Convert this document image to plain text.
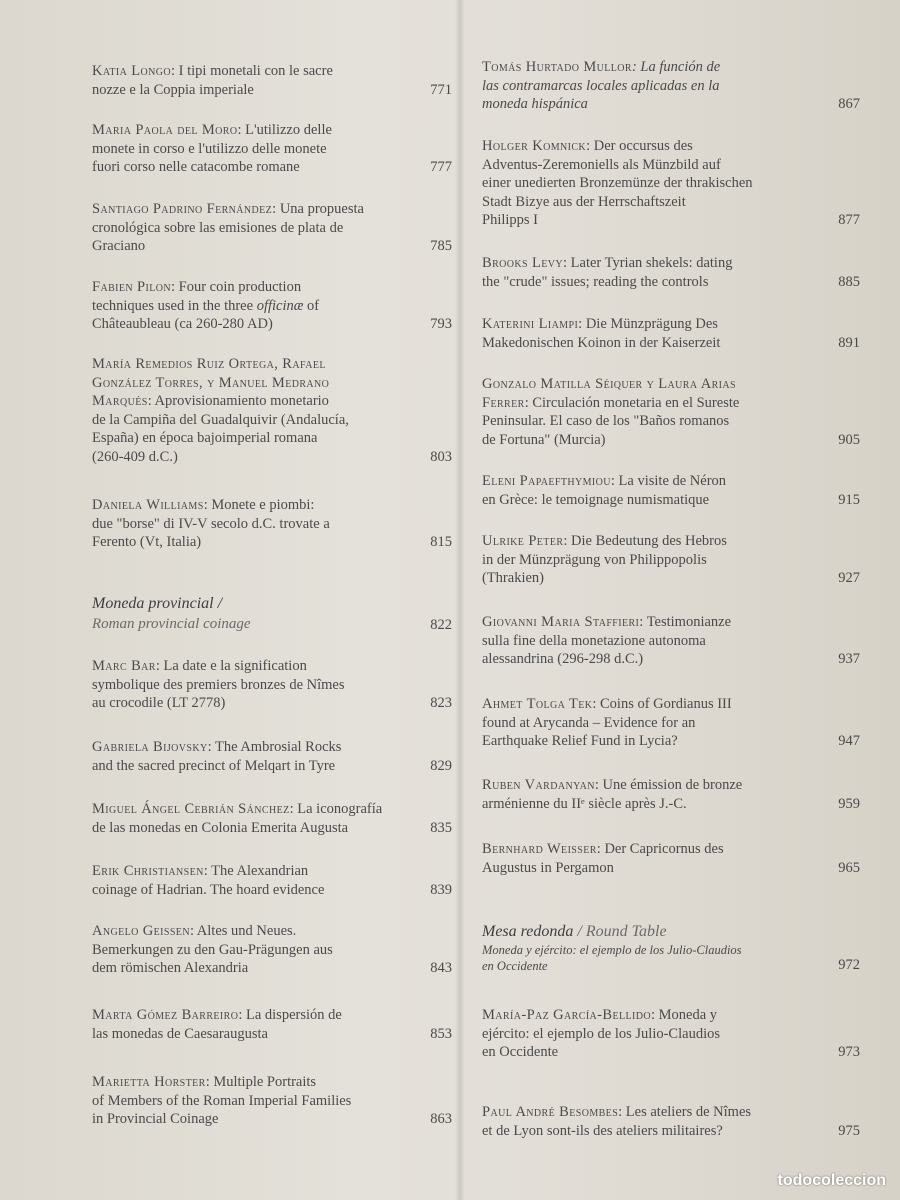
Katia Longo: I tipi monetali con le sacre
nozze e la Coppia imperiale	771
Maria Paola del Moro: L'utilizzo delle
monete in corso e l'utilizzo delle monete
fuori corso nelle catacombe romane	777
Santiago Padrino Fernández: Una propuesta
cronológica sobre las emisiones de plata de
Graciano	785
Fabien Pilon: Four coin production
techniques used in the three officinæ of
Châteaubleau (ca 260-280 AD)	793
María Remedios Ruiz Ortega, Rafael
González Torres, y Manuel Medrano
Marqués: Aprovisionamiento monetario
de la Campiña del Guadalquivir (Andalucía,
España) en época bajoimperial romana
(260-409 d.C.)	803
Daniela Williams: Monete e piombi:
due "borse" di IV-V secolo d.C. trovate a
Ferento (Vt, Italia)	815
Moneda provincial /
Roman provincial coinage	822
Marc Bar: La date e la signification
symbolique des premiers bronzes de Nîmes
au crocodile (LT 2778)	823
Gabriela Bijovsky: The Ambrosial Rocks
and the sacred precinct of Melqart in Tyre	829
Miguel Ángel Cebrián Sánchez: La iconografía
de las monedas en Colonia Emerita Augusta	835
Erik Christiansen: The Alexandrian
coinage of Hadrian. The hoard evidence	839
Angelo Geissen: Altes und Neues.
Bemerkungen zu den Gau-Prägungen aus
dem römischen Alexandria	843
Marta Gómez Barreiro: La dispersión de
las monedas de Caesaraugusta	853
Marietta Horster: Multiple Portraits
of Members of the Roman Imperial Families
in Provincial Coinage	863
Tomás Hurtado Mullor: La función de
las contramarcas locales aplicadas en la
moneda hispánica	867
Holger Komnick: Der occursus des
Adventus-Zeremoniells als Münzbild auf
einer unedierten Bronzemünze der thrakischen
Stadt Bizye aus der Herrschaftszeit
Philipps I	877
Brooks Levy: Later Tyrian shekels: dating
the "crude" issues; reading the controls	885
Katerini Liampi: Die Münzprägung Des
Makedonischen Koinon in der Kaiserzeit	891
Gonzalo Matilla Séiquer y Laura Arias
Ferrer: Circulación monetaria en el Sureste
Peninsular. El caso de los "Baños romanos
de Fortuna" (Murcia)	905
Eleni Papaefthymiou: La visite de Néron
en Grèce: le temoignage numismatique	915
Ulrike Peter: Die Bedeutung des Hebros
in der Münzprägung von Philippopolis
(Thrakien)	927
Giovanni Maria Staffieri: Testimonianze
sulla fine della monetazione autonoma
alessandrina (296-298 d.C.)	937
Ahmet Tolga Tek: Coins of Gordianus III
found at Arycanda – Evidence for an
Earthquake Relief Fund in Lycia?	947
Ruben Vardanyan: Une émission de bronze
arménienne du IIᵉ siècle après J.-C.	959
Bernhard Weisser: Der Capricornus des
Augustus in Pergamon	965
Mesa redonda / Round Table
Moneda y ejército: el ejemplo de los Julio-Claudios
en Occidente	972
María-Paz García-Bellido: Moneda y
ejército: el ejemplo de los Julio-Claudios
en Occidente	973
Paul André Besombes: Les ateliers de Nîmes
et de Lyon sont-ils des ateliers militaires?	975
todocoleccion
